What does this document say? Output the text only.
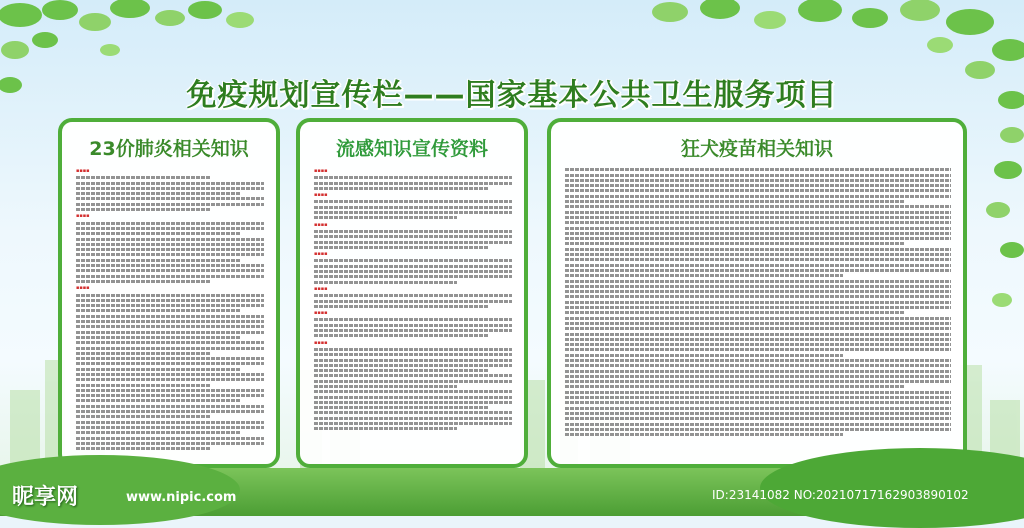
免疫规划宣传栏——国家基本公共卫生服务项目
23价肺炎相关知识
▪▪▪▪
▪▪▪▪
▪▪▪▪
流感知识宣传资料
▪▪▪▪
▪▪▪▪
▪▪▪▪
▪▪▪▪
▪▪▪▪
▪▪▪▪
▪▪▪▪
狂犬疫苗相关知识
昵享网	www.nipic.com	ID:23141082 NO:20210717162903890102
